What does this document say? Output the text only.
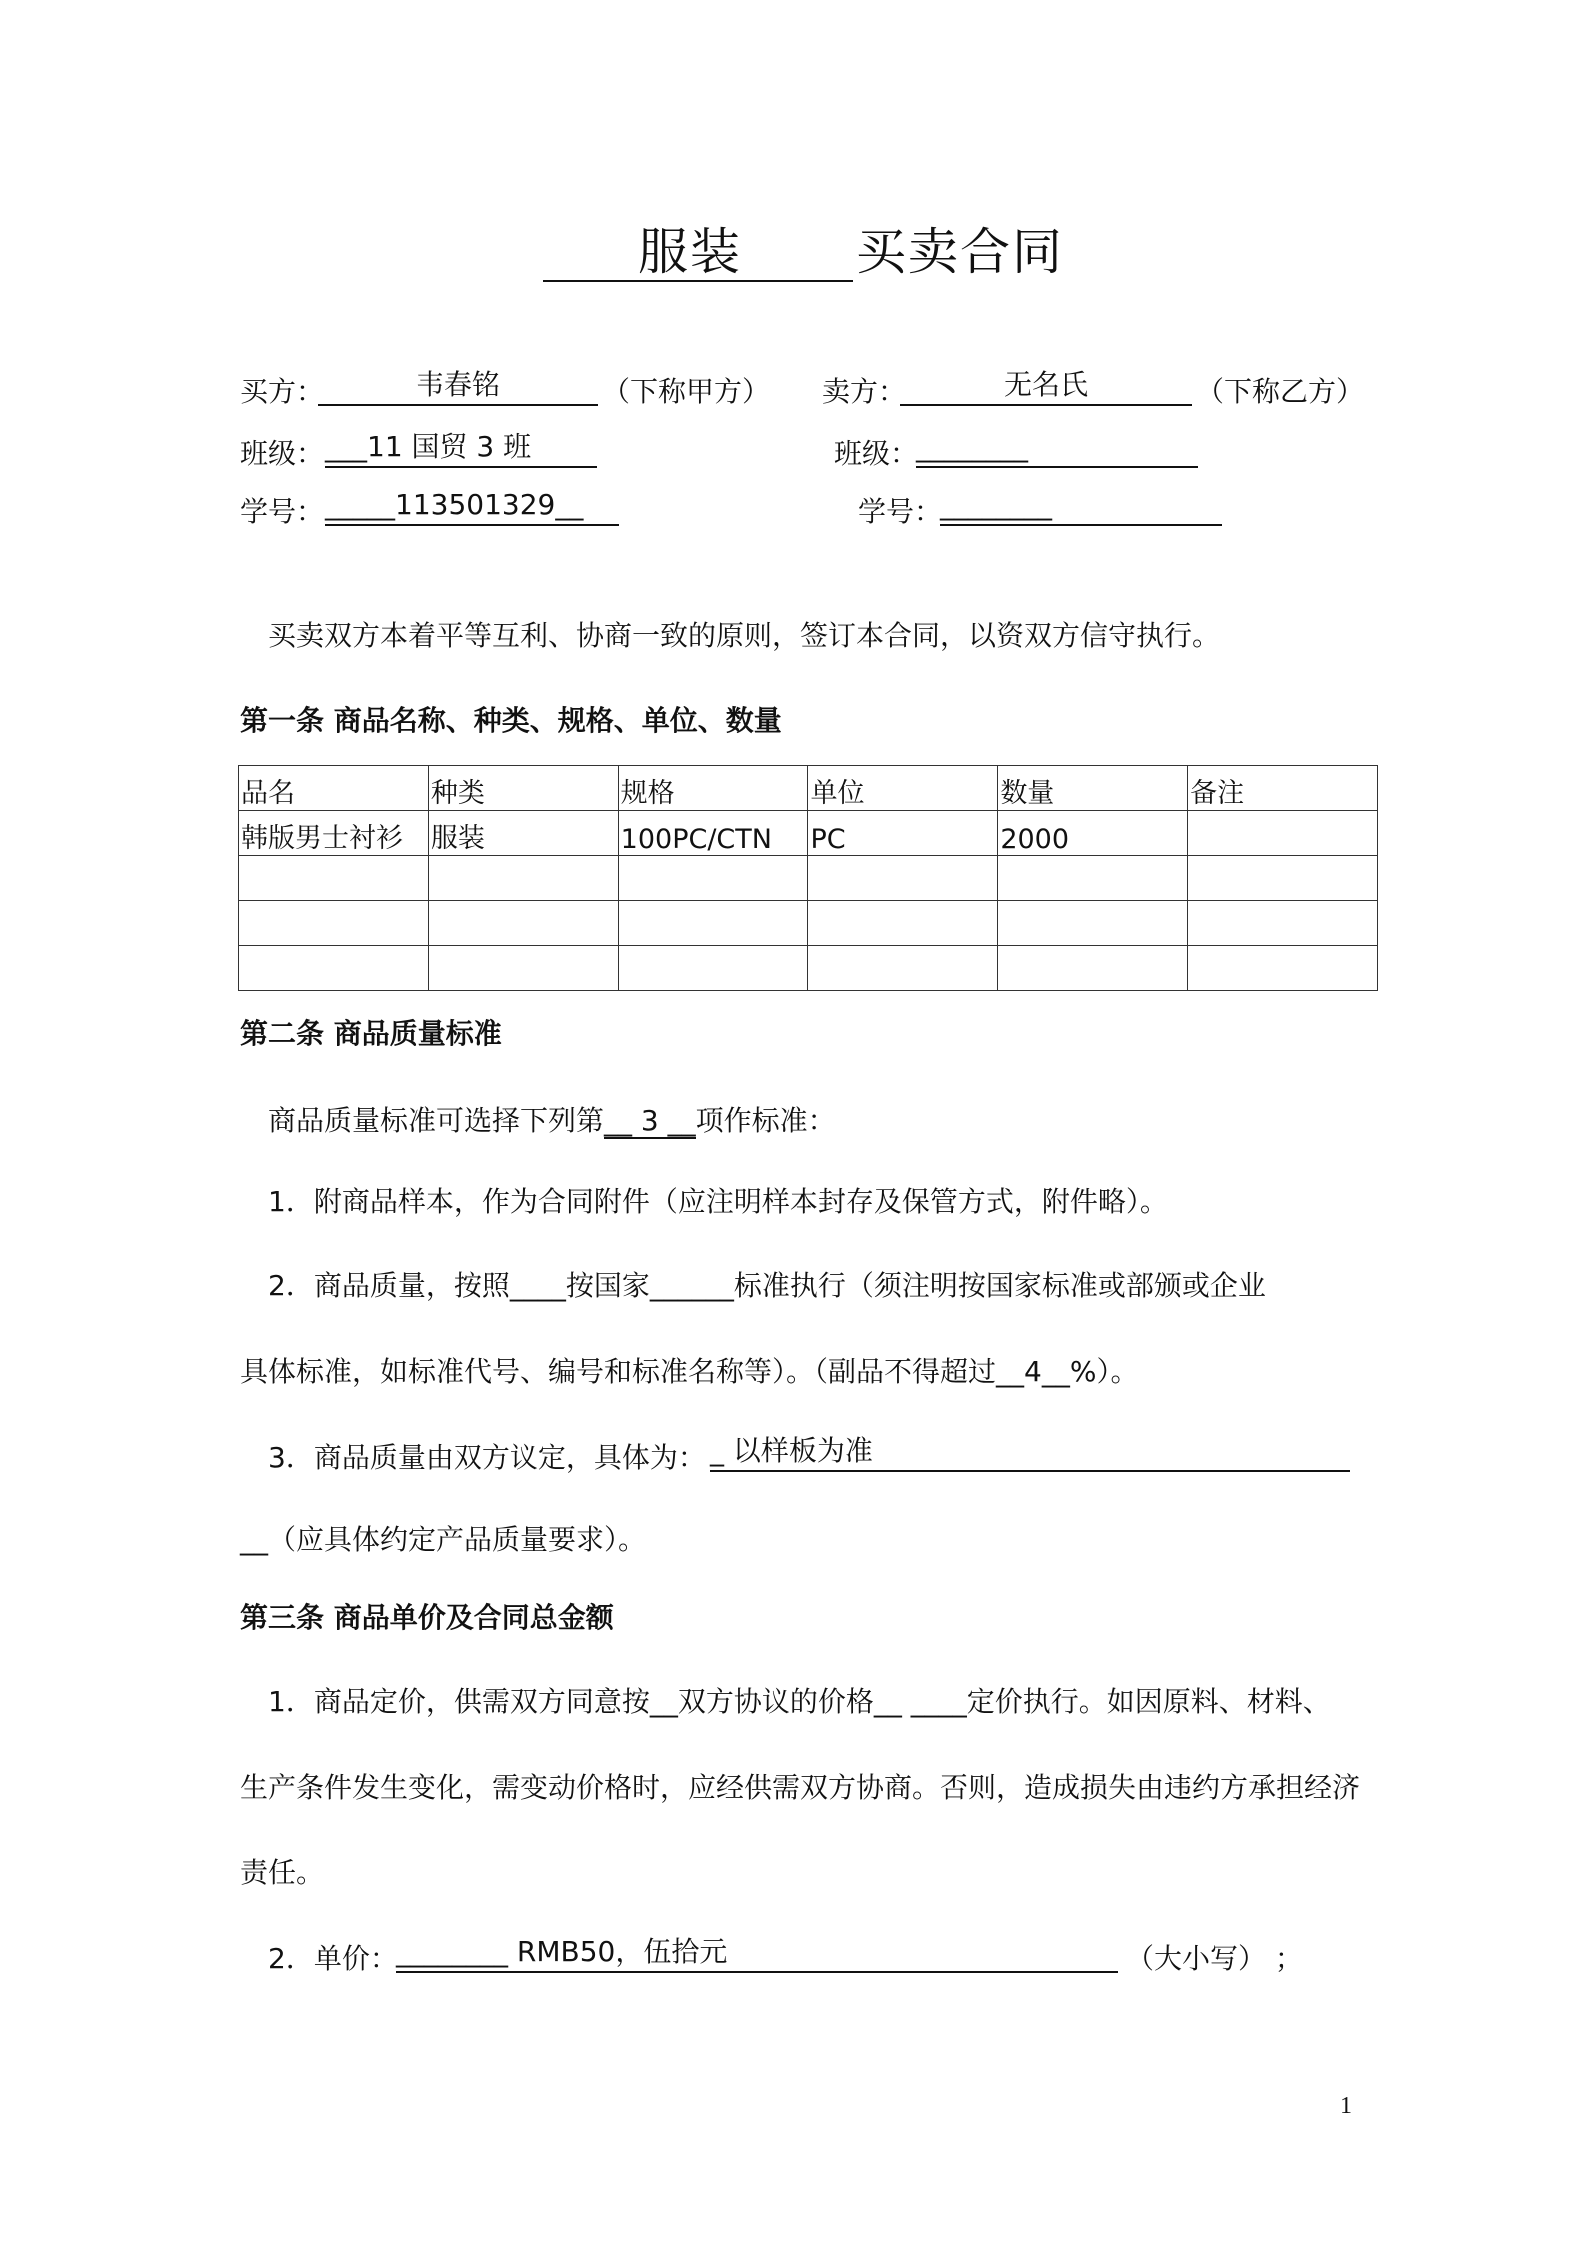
服装 买卖合同
买方：	韦春铭	（下称甲方） 卖方：	无名氏	（下称乙方）
班级： ___11 国贸 3 班	班级：
________
学号： _____113501329__	学号：
________
买卖双方本着平等互利、协商一致的原则，签订本合同，以资双方信守执行。
第一条 商品名称、种类、规格、单位、数量
品名	种类	规格	单位	数量	备注
韩版男士衬衫	服装	100PC/CTN	PC	2000	

第二条 商品质量标准
商品质量标准可选择下列第__ 3 __项作标准：
1．附商品样本，作为合同附件（应注明样本封存及保管方式，附件略）。
2．商品质量，按照____按国家______标准执行（须注明按国家标准或部颁或企业
具体标准，如标准代号、编号和标准名称等）。（副品不得超过__4__%）。
3．商品质量由双方议定，具体为： _ 以样板为准
__（应具体约定产品质量要求）。
第三条 商品单价及合同总金额
1．商品定价，供需双方同意按__双方协议的价格__ ____定价执行。如因原料、材料、
生产条件发生变化，需变动价格时，应经供需双方协商。否则，造成损失由违约方承担经济
责任。
2．单价：
________ RMB50，伍拾元	（大小写） ；
1
